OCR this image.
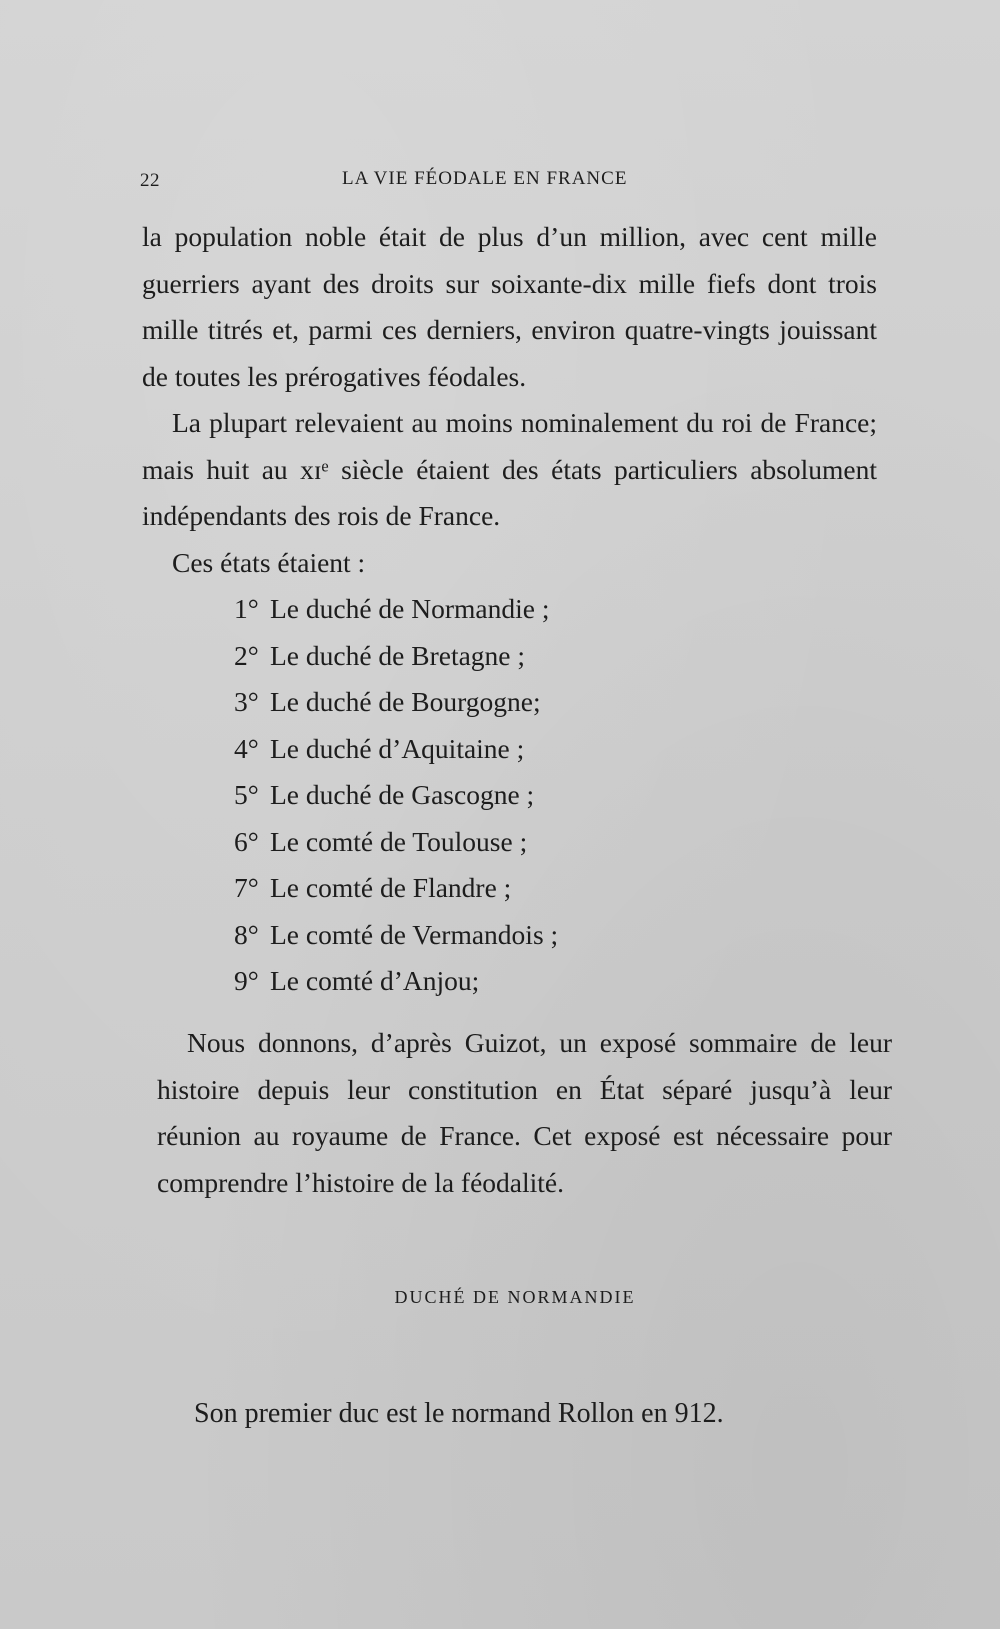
22	LA VIE FÉODALE EN FRANCE

la population noble était de plus d’un million, avec cent mille guerriers ayant des droits sur soixante-dix mille fiefs dont trois mille titrés et, parmi ces derniers, environ quatre-vingts jouissant de toutes les prérogatives féodales.

La plupart relevaient au moins nominalement du roi de France; mais huit au xɪᵉ siècle étaient des états particuliers absolument indépendants des rois de France.

Ces états étaient :

1° Le duché de Normandie ;
2° Le duché de Bretagne ;
3° Le duché de Bourgogne;
4° Le duché d’Aquitaine ;
5° Le duché de Gascogne ;
6° Le comté de Toulouse ;
7° Le comté de Flandre ;
8° Le comté de Vermandois ;
9° Le comté d’Anjou;

Nous donnons, d’après Guizot, un exposé sommaire de leur histoire depuis leur constitution en État séparé jusqu’à leur réunion au royaume de France. Cet exposé est nécessaire pour comprendre l’histoire de la féodalité.

DUCHÉ DE NORMANDIE
Son premier duc est le normand Rollon en 912.
